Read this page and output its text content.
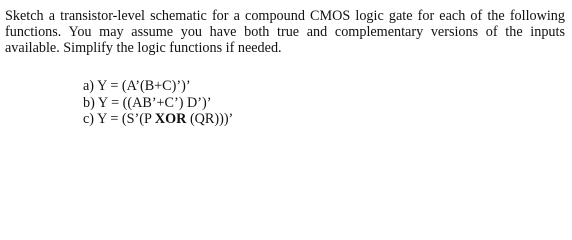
Sketch a transistor-level schematic for a compound CMOS logic gate for each of the following
functions. You may assume you have both true and complementary versions of the inputs
available. Simplify the logic functions if needed.

a) Y = (A’(B+C)’)’
b) Y = ((AB’+C’) D’)’
c) Y = (S’(P XOR (QR)))’
